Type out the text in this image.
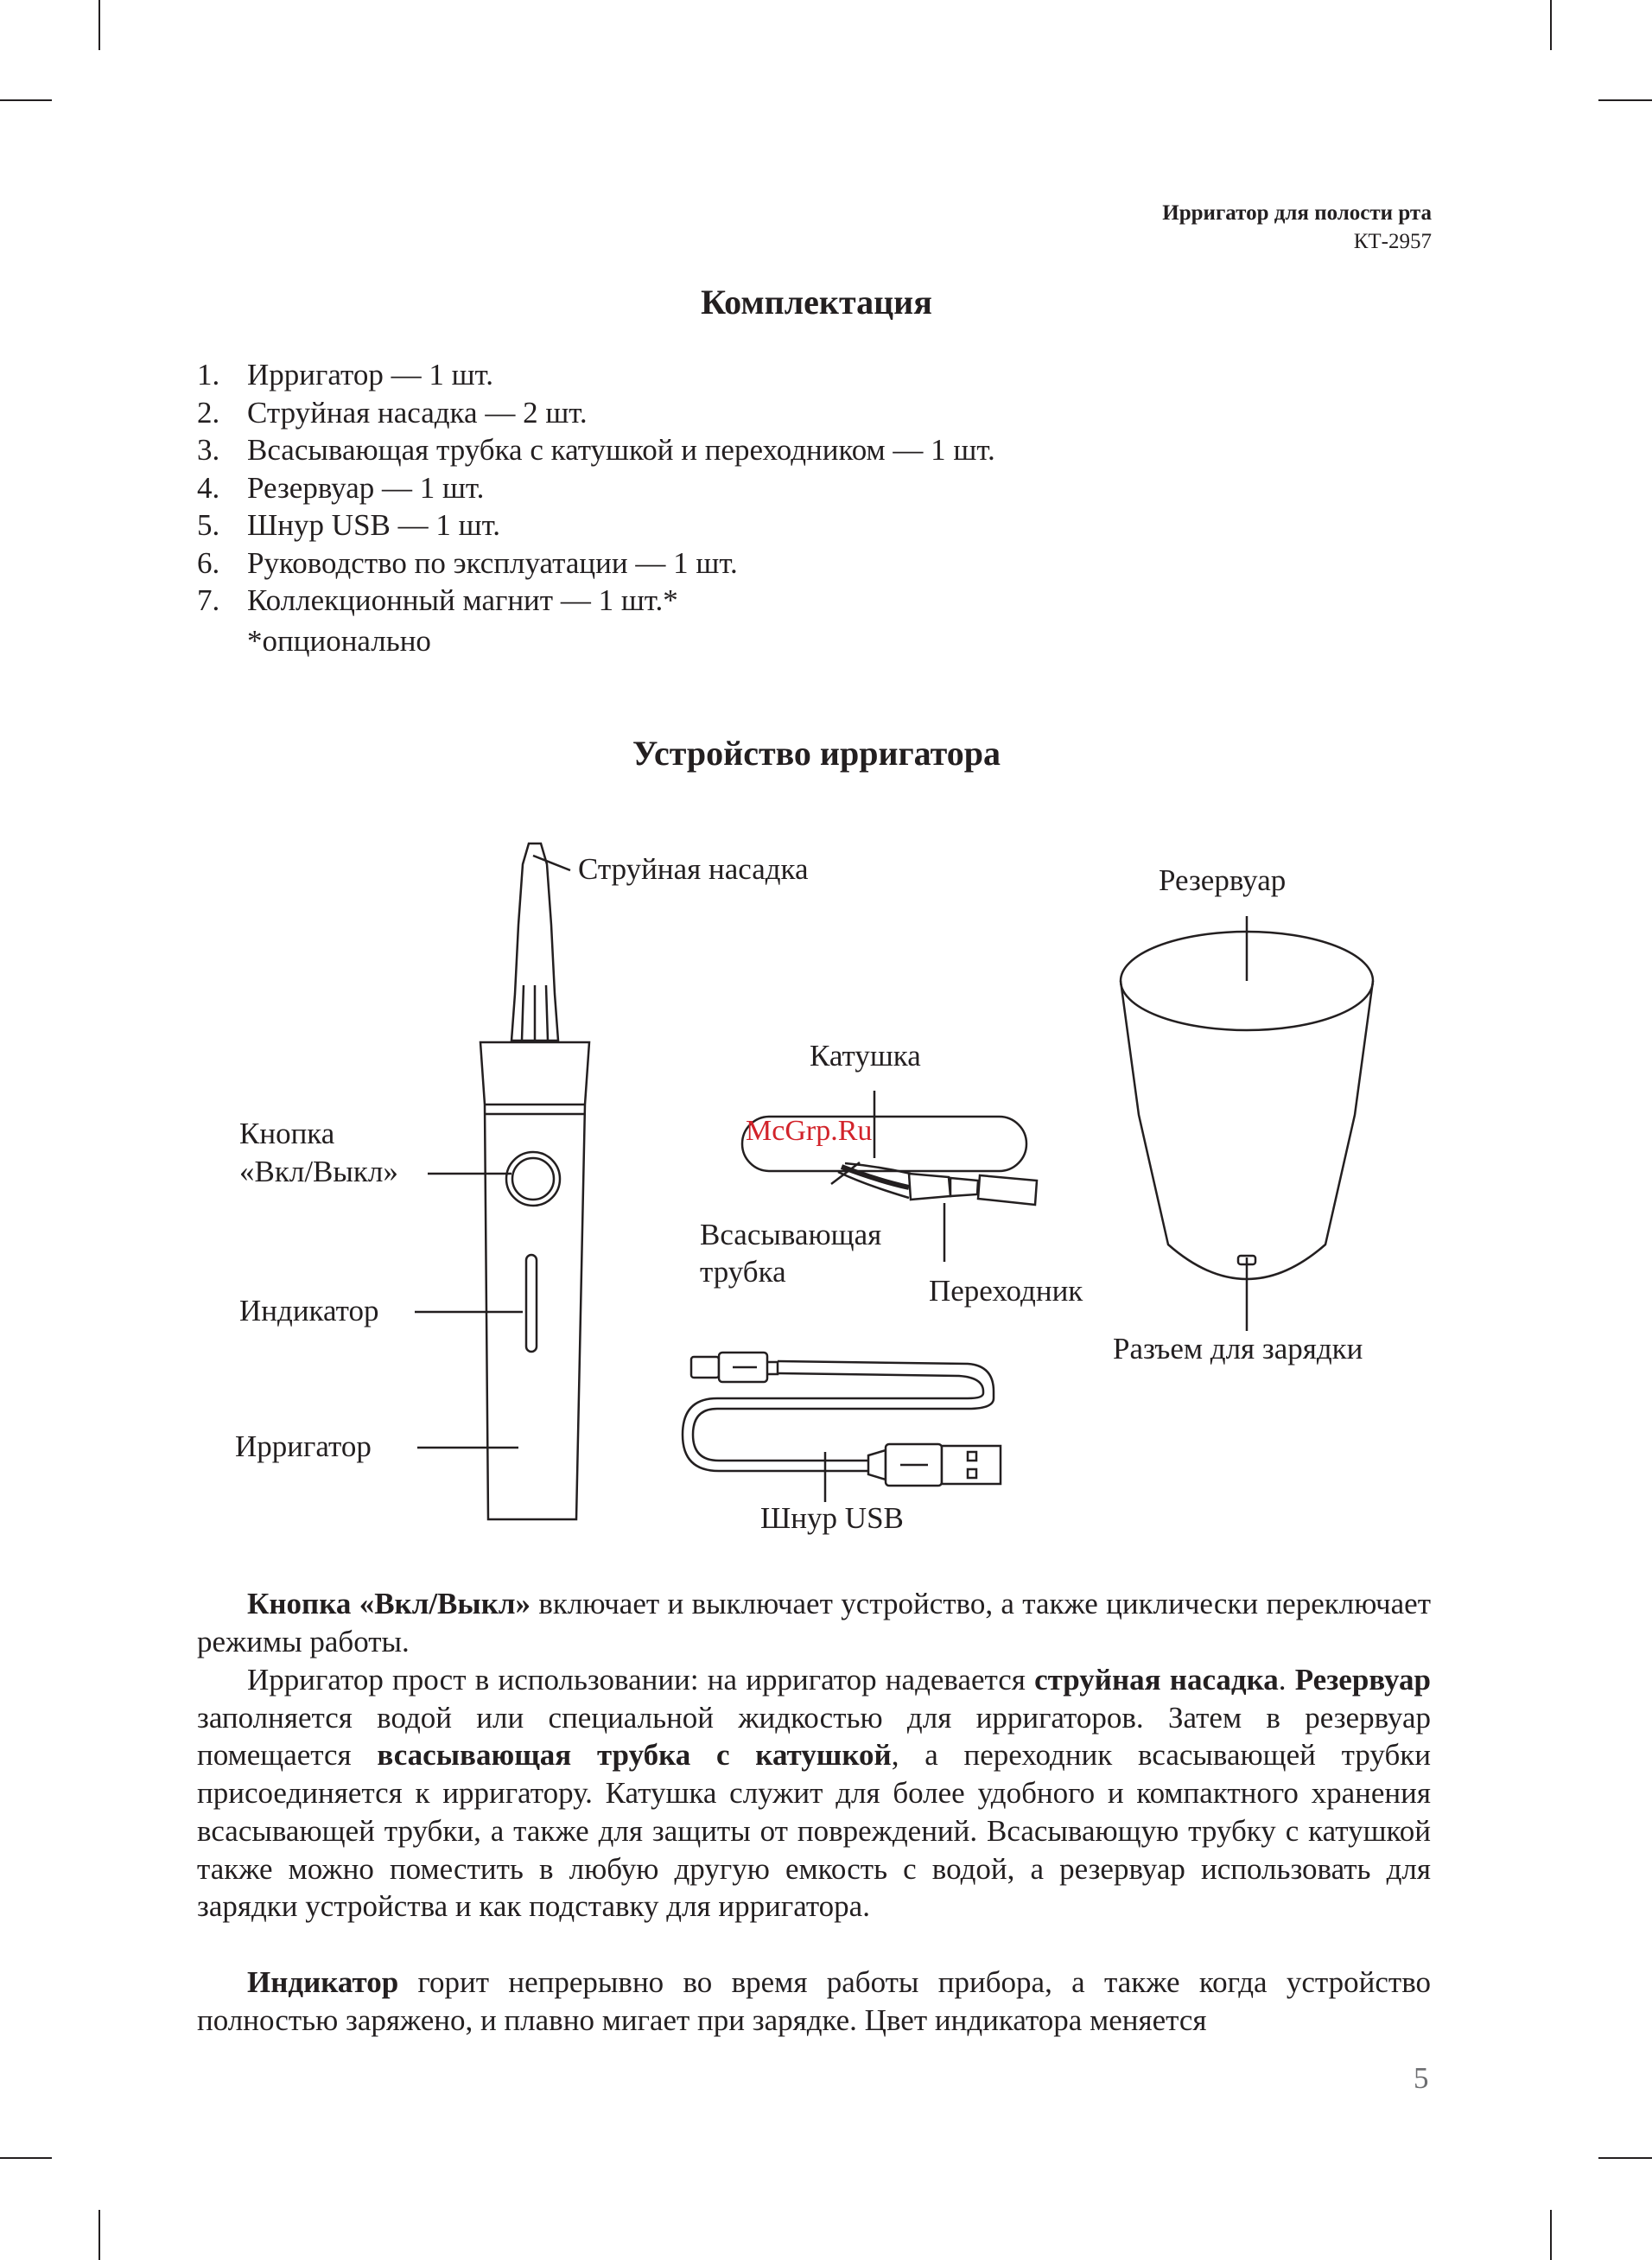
Ирригатор для полости рта
КТ-2957
Комплектация
1. Ирригатор — 1 шт.
2. Струйная насадка — 2 шт.
3. Всасывающая трубка с катушкой и переходником — 1 шт.
4. Резервуар — 1 шт.
5. Шнур USB — 1 шт.
6. Руководство по эксплуатации — 1 шт.
7. Коллекционный магнит — 1 шт.*
*опционально
Устройство ирригатора
Струйная насадка	Резервуар
Катушка
Кнопка
«Вкл/Выкл»
Всасывающая
трубка
Переходник
Разъем для зарядки
Индикатор
Ирригатор
Шнур USB
McGrp.Ru

Кнопка «Вкл/Выкл» включает и выключает устройство, а также циклически переключает режимы работы.

Ирригатор прост в использовании: на ирригатор надевается струйная насадка. Резервуар заполняется водой или специальной жидкостью для ирригаторов. Затем в резервуар помещается всасывающая трубка с катушкой, а переходник всасывающей трубки присоединяется к ирригатору. Катушка служит для более удобного и компактного хранения всасывающей трубки, а также для защиты от повреждений. Всасывающую трубку с катушкой также можно поместить в любую другую емкость с водой, а резервуар использовать для зарядки устройства и как подставку для ирригатора.

Индикатор горит непрерывно во время работы прибора, а также когда устройство полностью заряжено, и плавно мигает при зарядке. Цвет индикатора меняется

5
